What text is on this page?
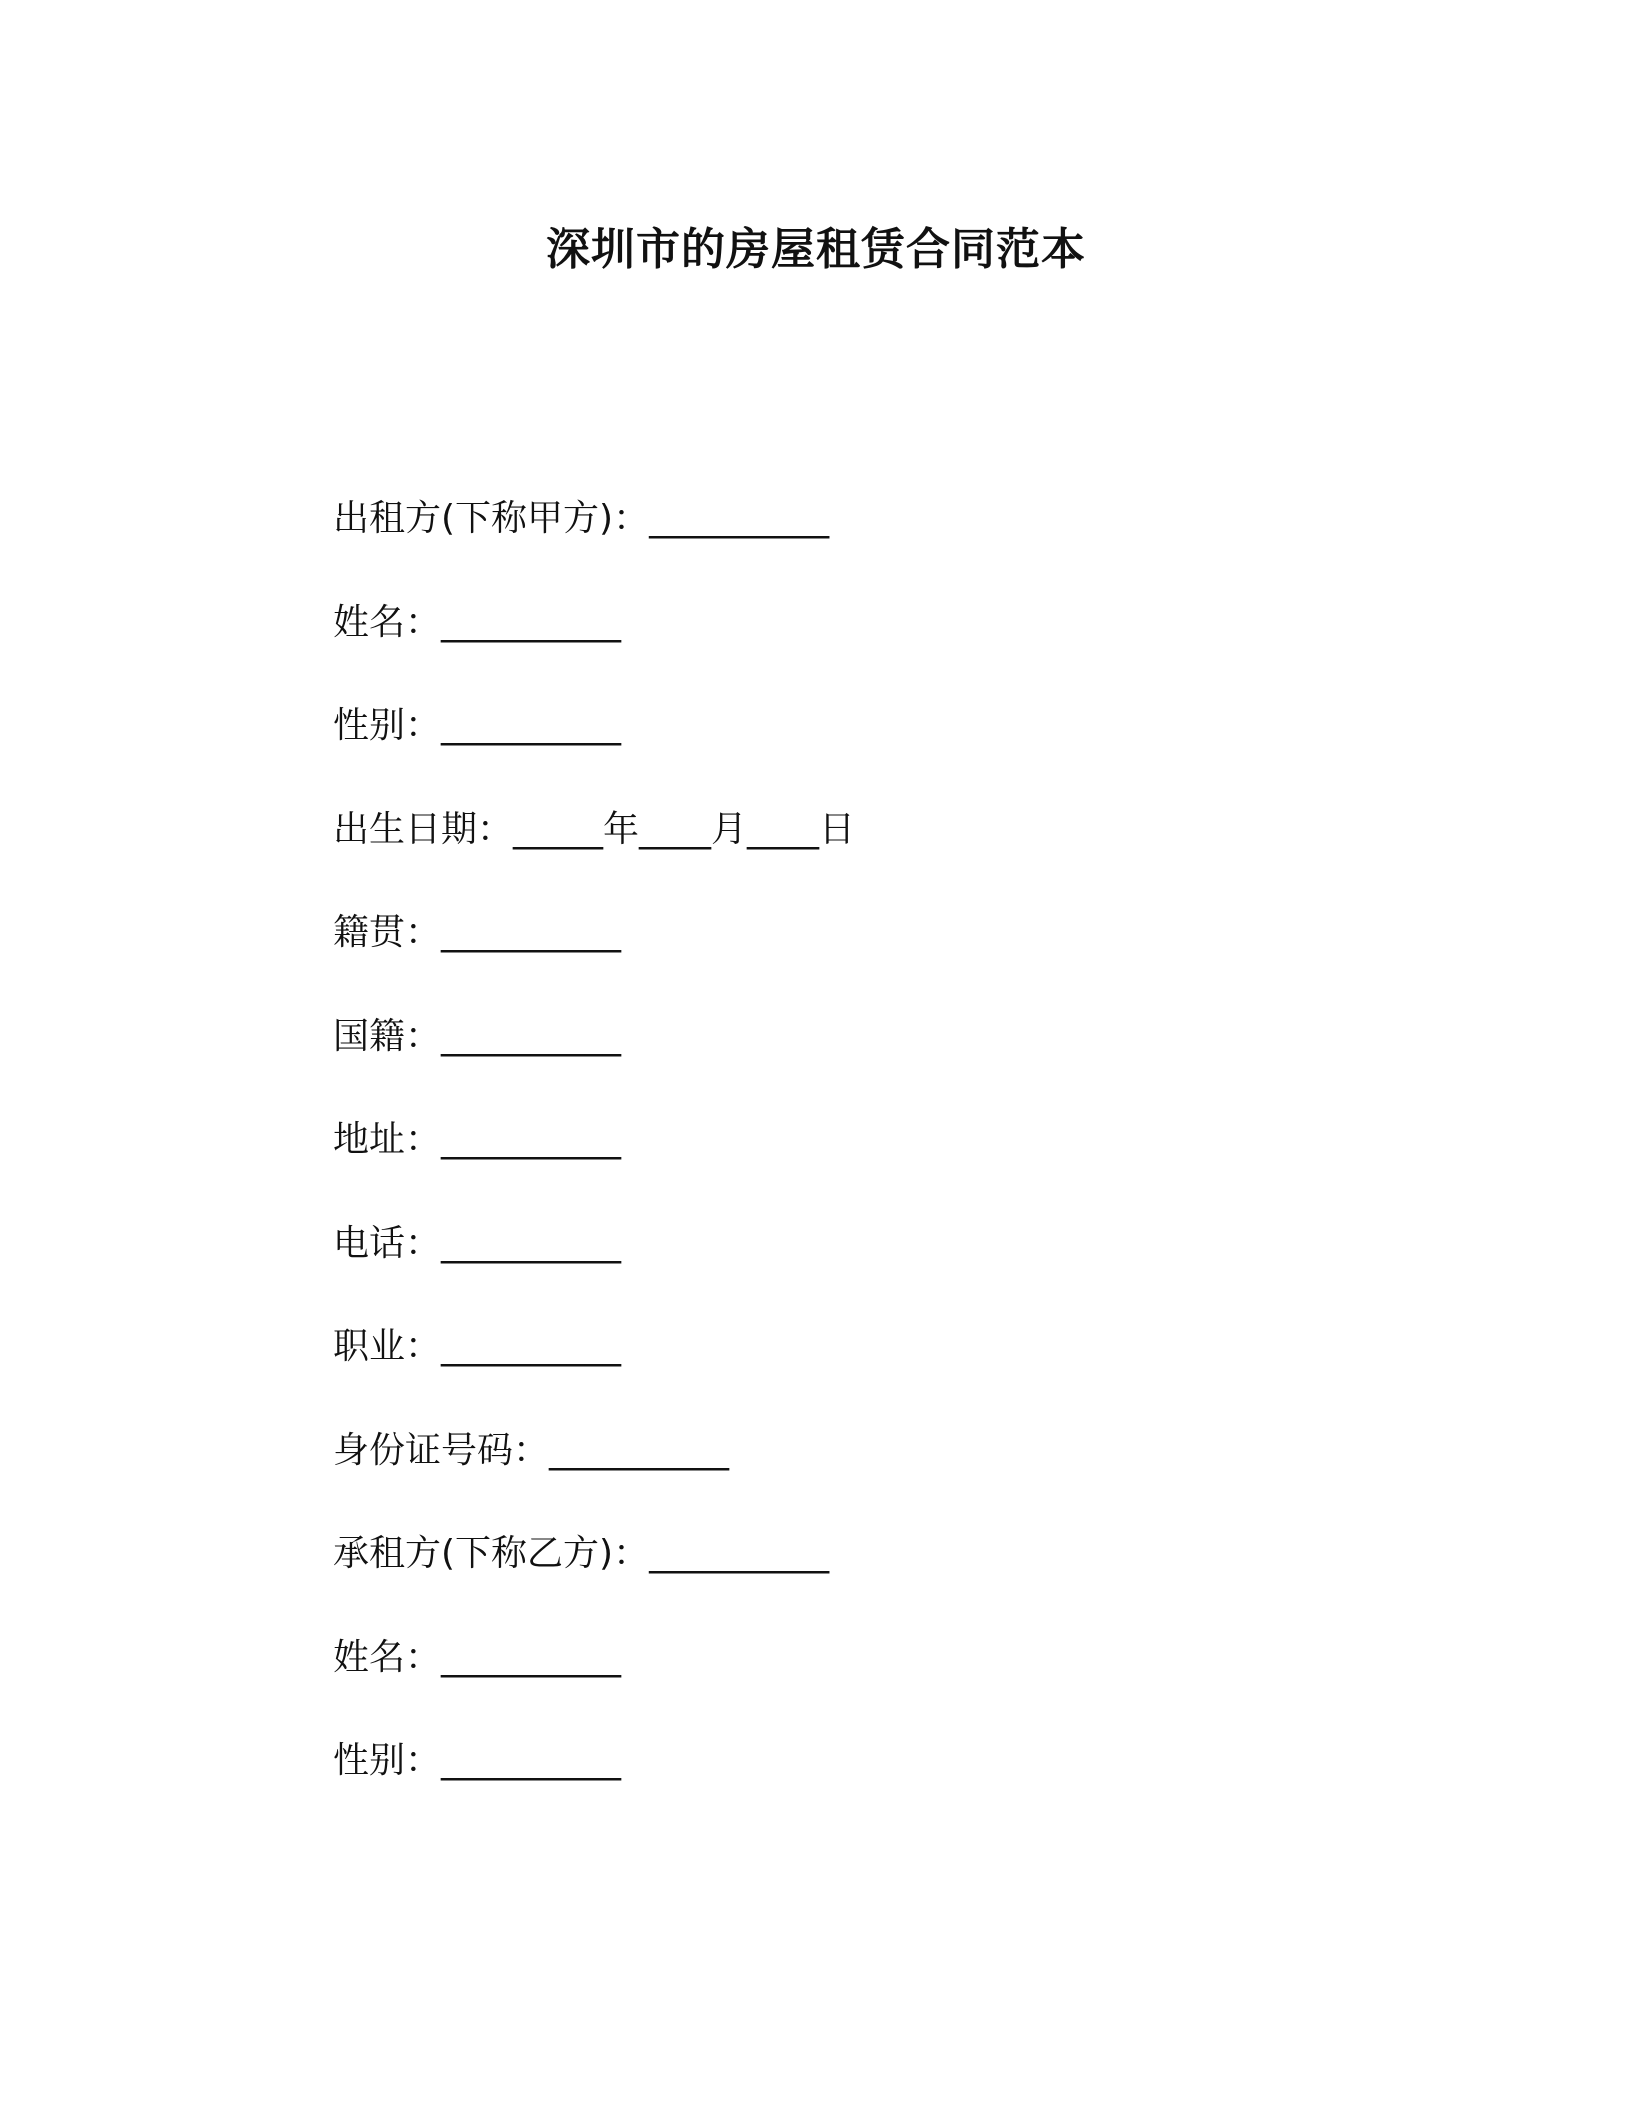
深圳市的房屋租赁合同范本
出租方(下称甲方)：__________
姓名：__________
性别：__________
出生日期：_____年____月____日
籍贯：__________
国籍：__________
地址：__________
电话：__________
职业：__________
身份证号码：__________
承租方(下称乙方)：__________
姓名：__________
性别：__________
